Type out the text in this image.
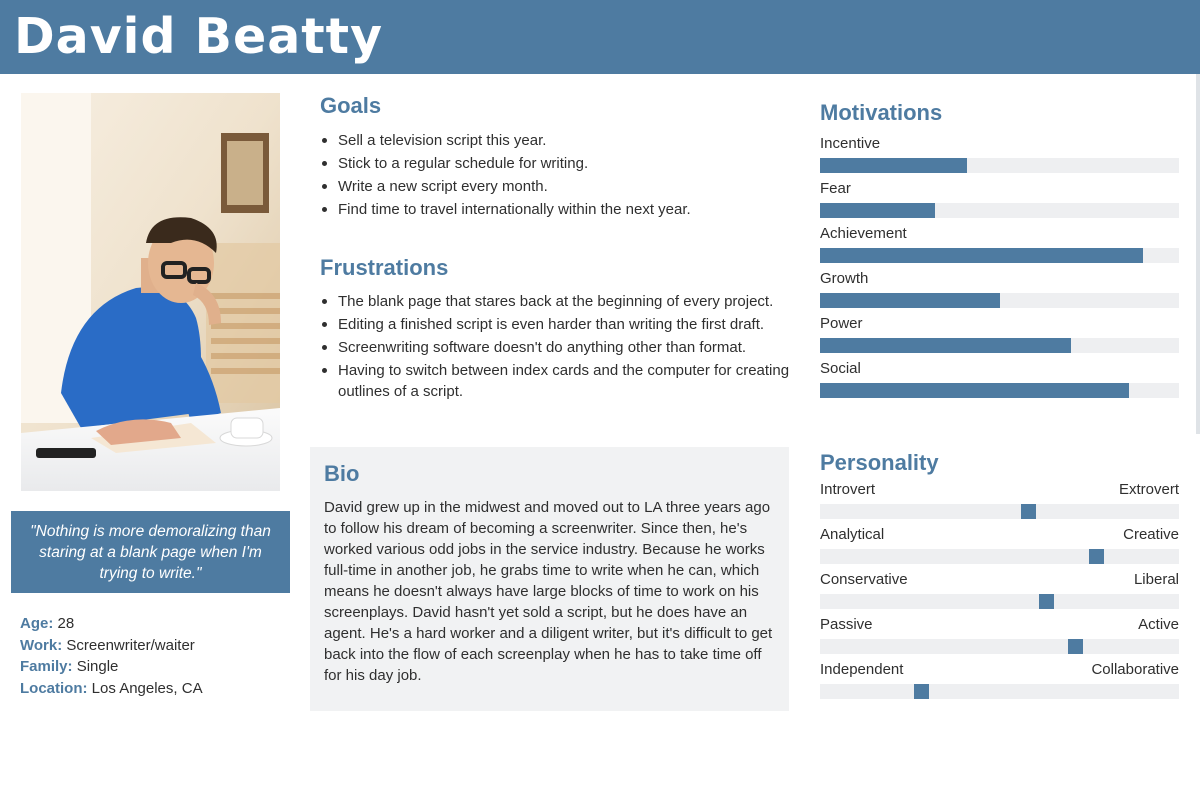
David Beatty

"Nothing is more demoralizing than staring at a blank page when I'm trying to write."

Age: 28
Work: Screenwriter/waiter
Family: Single
Location: Los Angeles, CA
Goals
Sell a television script this year.
Stick to a regular schedule for writing.
Write a new script every month.
Find time to travel internationally within the next year.
Frustrations
The blank page that stares back at the beginning of every project.
Editing a finished script is even harder than writing the first draft.
Screenwriting software doesn't do anything other than format.
Having to switch between index cards and the computer for creating outlines of a script.
Bio

David grew up in the midwest and moved out to LA three years ago to follow his dream of becoming a screenwriter. Since then, he's worked various odd jobs in the service industry. Because he works full-time in another job, he grabs time to write when he can, which means he doesn't always have large blocks of time to work on his screenplays. David hasn't yet sold a script, but he does have an agent. He's a hard worker and a diligent writer, but it's difficult to get back into the flow of each screenplay when he has to take time off for his day job.

Motivations
Incentive
Fear
Achievement
Growth
Power
Social
Personality
Introvert	Extrovert
Analytical	Creative
Conservative	Liberal
Passive	Active
Independent	Collaborative
